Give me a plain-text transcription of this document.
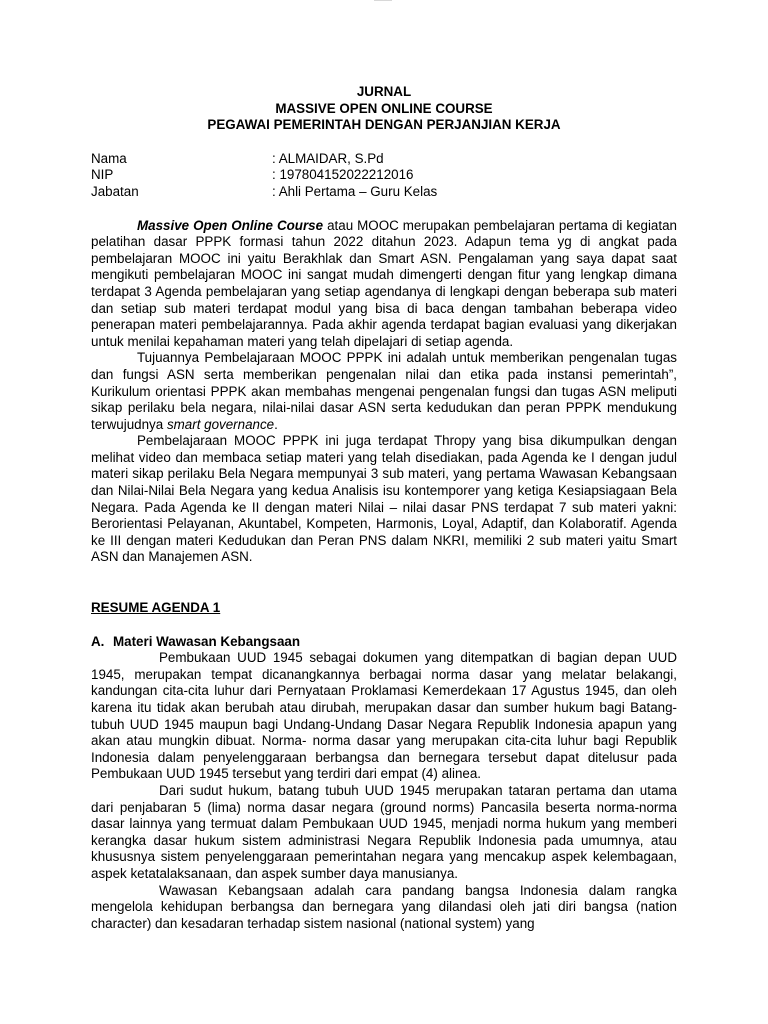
JURNAL
MASSIVE OPEN ONLINE COURSE
PEGAWAI PEMERINTAH DENGAN PERJANJIAN KERJA
Nama	: ALMAIDAR, S.Pd
NIP	: 197804152022212016
Jabatan	: Ahli Pertama – Guru Kelas

Massive Open Online Course atau MOOC merupakan pembelajaran pertama di kegiatan pelatihan dasar PPPK formasi tahun 2022 ditahun 2023. Adapun tema yg di angkat pada pembelajaran MOOC ini yaitu Berakhlak dan Smart ASN. Pengalaman yang saya dapat saat mengikuti pembelajaran MOOC ini sangat mudah dimengerti dengan fitur yang lengkap dimana terdapat 3 Agenda pembelajaran yang setiap agendanya di lengkapi dengan beberapa sub materi dan setiap sub materi terdapat modul yang bisa di baca dengan tambahan beberapa video penerapan materi pembelajarannya. Pada akhir agenda terdapat bagian evaluasi yang dikerjakan untuk menilai kepahaman materi yang telah dipelajari di setiap agenda.

Tujuannya Pembelajaraan MOOC PPPK ini adalah untuk memberikan pengenalan tugas dan fungsi ASN serta memberikan pengenalan nilai dan etika pada instansi pemerintah”, Kurikulum orientasi PPPK akan membahas mengenai pengenalan fungsi dan tugas ASN meliputi sikap perilaku bela negara, nilai-nilai dasar ASN serta kedudukan dan peran PPPK mendukung terwujudnya smart governance.

Pembelajaraan MOOC PPPK ini juga terdapat Thropy yang bisa dikumpulkan dengan melihat video dan membaca setiap materi yang telah disediakan, pada Agenda ke I dengan judul materi sikap perilaku Bela Negara mempunyai 3 sub materi, yang pertama Wawasan Kebangsaan dan Nilai-Nilai Bela Negara yang kedua Analisis isu kontemporer yang ketiga Kesiapsiagaan Bela Negara. Pada Agenda ke II dengan materi Nilai – nilai dasar PNS terdapat 7 sub materi yakni: Berorientasi Pelayanan, Akuntabel, Kompeten, Harmonis, Loyal, Adaptif, dan Kolaboratif. Agenda ke III dengan materi Kedudukan dan Peran PNS dalam NKRI, memiliki 2 sub materi yaitu Smart ASN dan Manajemen ASN.

RESUME AGENDA 1
A. Materi Wawasan Kebangsaan

Pembukaan UUD 1945 sebagai dokumen yang ditempatkan di bagian depan UUD 1945, merupakan tempat dicanangkannya berbagai norma dasar yang melatar belakangi, kandungan cita-cita luhur dari Pernyataan Proklamasi Kemerdekaan 17 Agustus 1945, dan oleh karena itu tidak akan berubah atau dirubah, merupakan dasar dan sumber hukum bagi Batang-tubuh UUD 1945 maupun bagi Undang-Undang Dasar Negara Republik Indonesia apapun yang akan atau mungkin dibuat. Norma- norma dasar yang merupakan cita-cita luhur bagi Republik Indonesia dalam penyelenggaraan berbangsa dan bernegara tersebut dapat ditelusur pada Pembukaan UUD 1945 tersebut yang terdiri dari empat (4) alinea.

Dari sudut hukum, batang tubuh UUD 1945 merupakan tataran pertama dan utama dari penjabaran 5 (lima) norma dasar negara (ground norms) Pancasila beserta norma-norma dasar lainnya yang termuat dalam Pembukaan UUD 1945, menjadi norma hukum yang memberi kerangka dasar hukum sistem administrasi Negara Republik Indonesia pada umumnya, atau khususnya sistem penyelenggaraan pemerintahan negara yang mencakup aspek kelembagaan, aspek ketatalaksanaan, dan aspek sumber daya manusianya.

Wawasan Kebangsaan adalah cara pandang bangsa Indonesia dalam rangka mengelola kehidupan berbangsa dan bernegara yang dilandasi oleh jati diri bangsa (nation character) dan kesadaran terhadap sistem nasional (national system) yang
